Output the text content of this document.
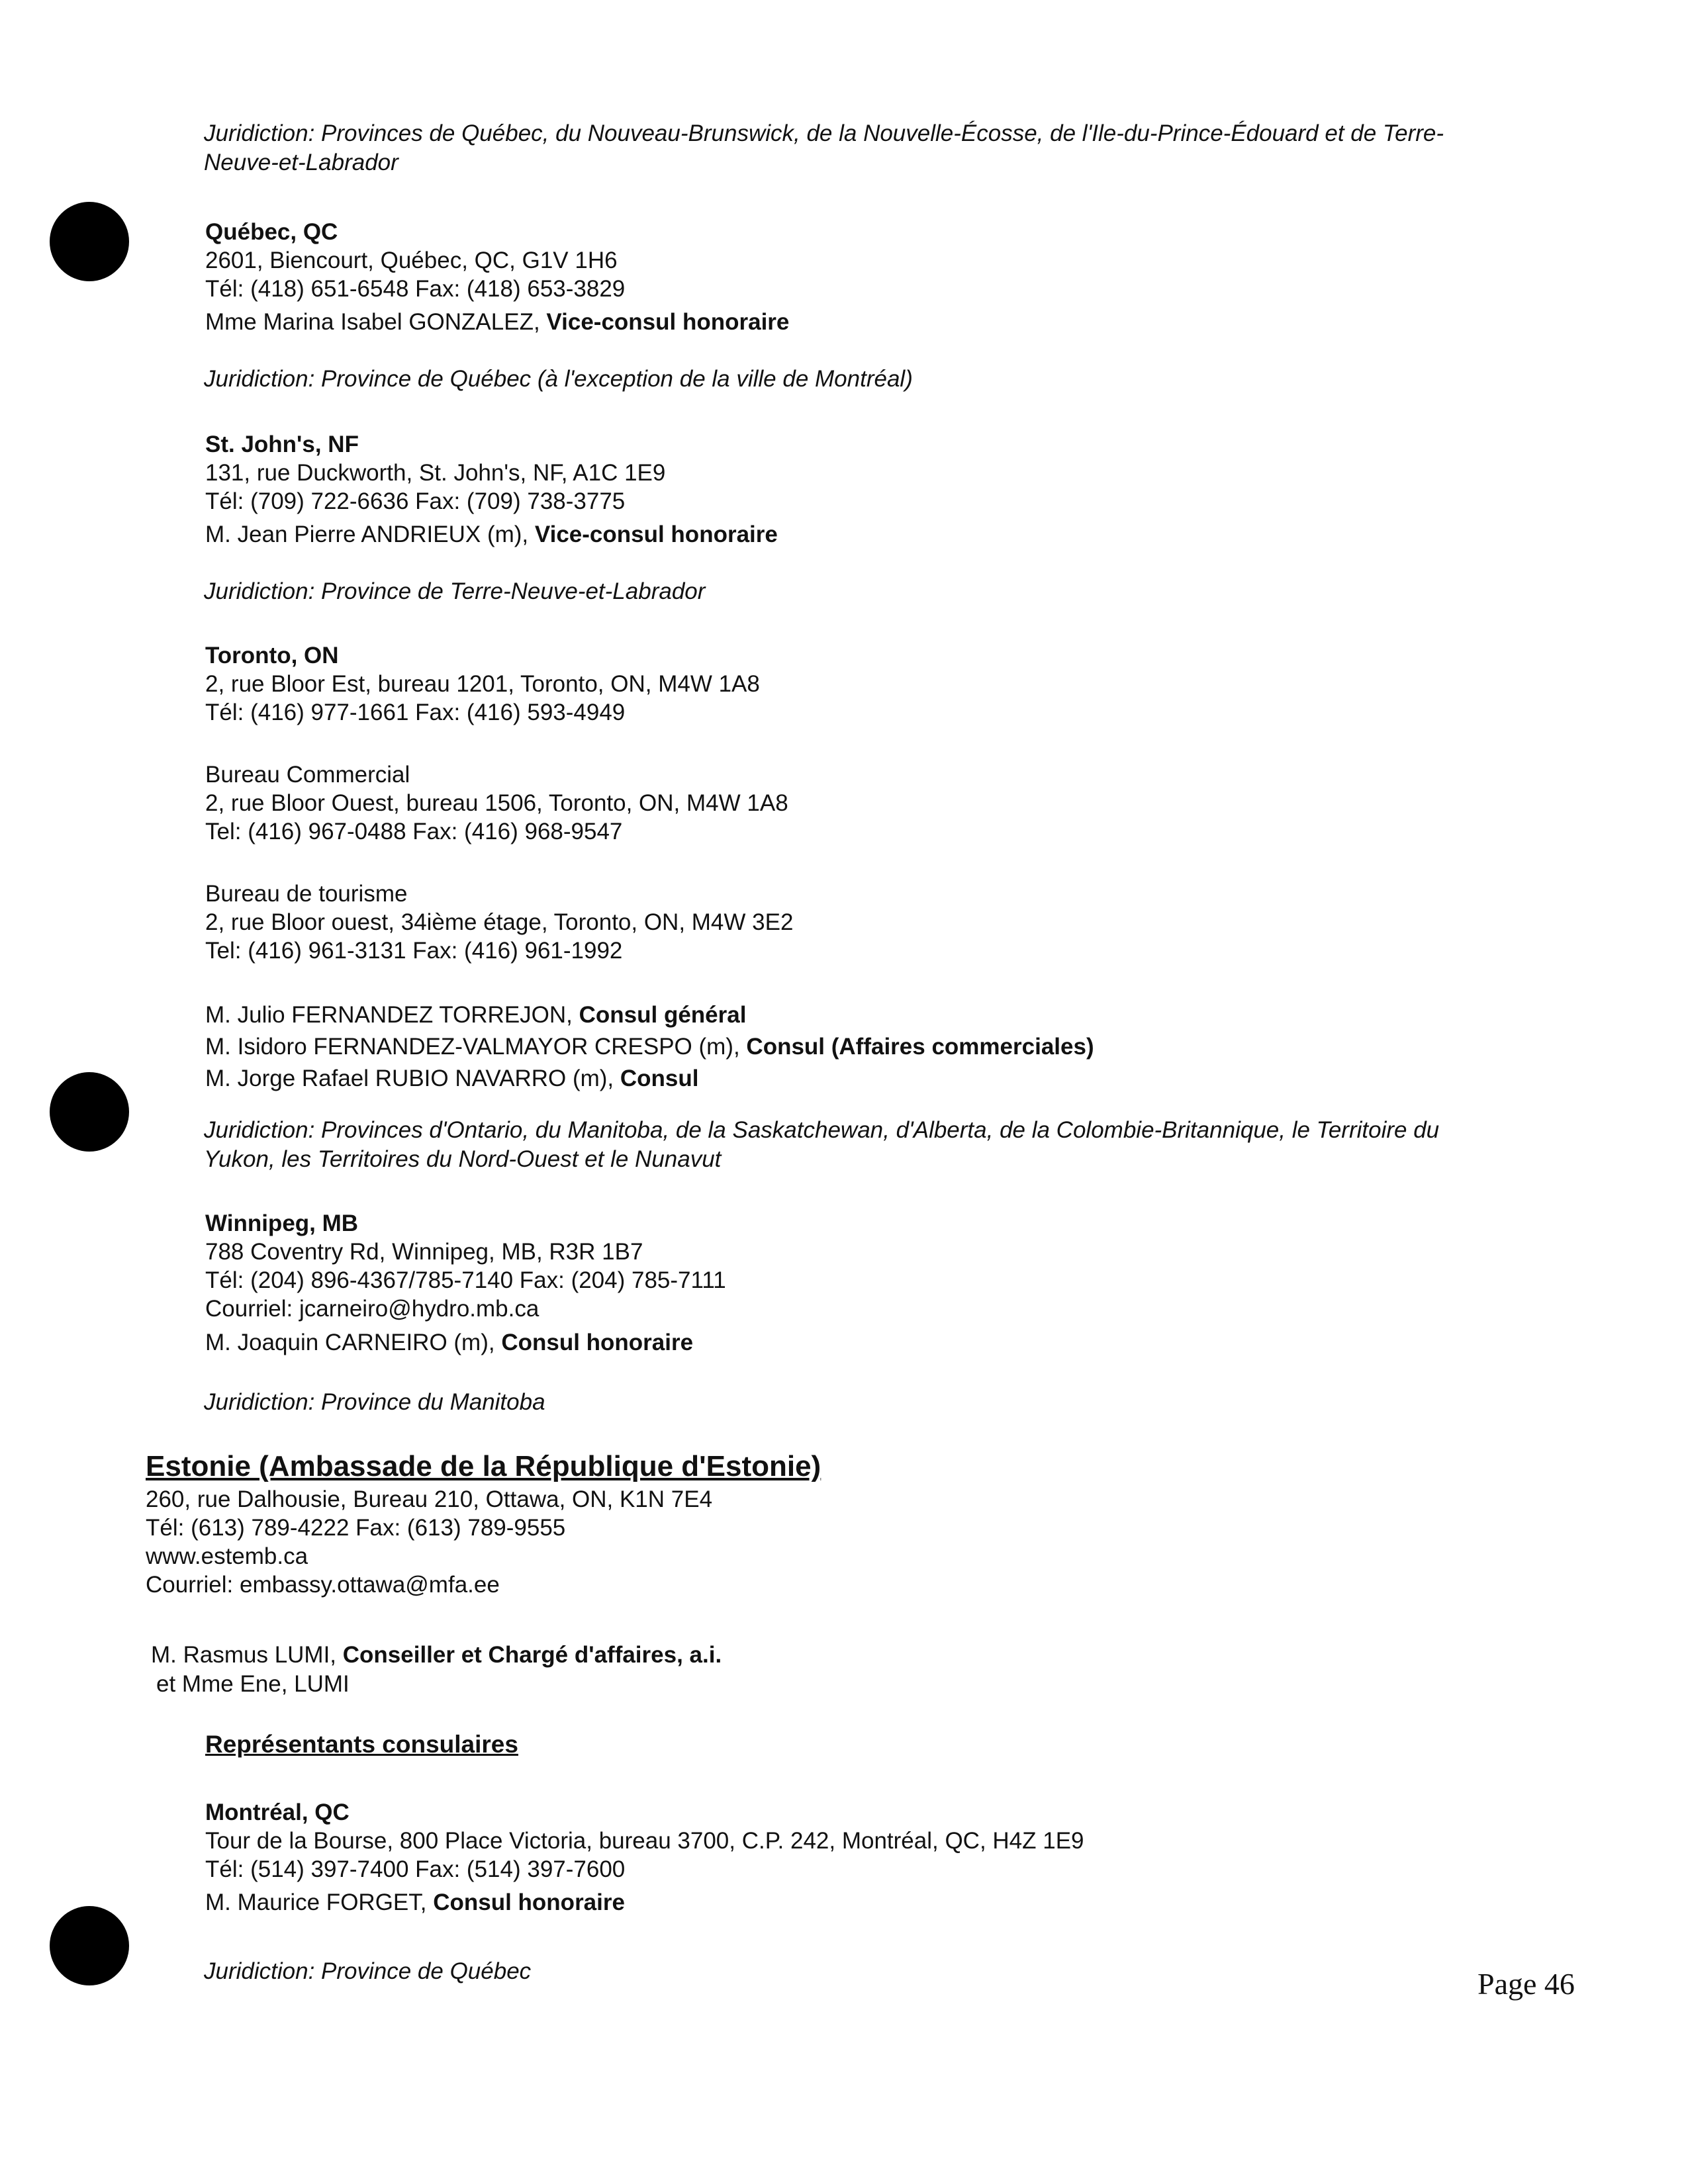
Juridiction: Provinces de Québec, du Nouveau-Brunswick, de la Nouvelle-Écosse, de l'Ile-du-Prince-Édouard et de Terre-
Neuve-et-Labrador
Québec, QC
2601, Biencourt, Québec, QC, G1V 1H6
Tél: (418) 651-6548 Fax: (418) 653-3829
Mme Marina Isabel GONZALEZ, Vice-consul honoraire
Juridiction: Province de Québec (à l'exception de la ville de Montréal)
St. John's, NF
131, rue Duckworth, St. John's, NF, A1C 1E9
Tél: (709) 722-6636 Fax: (709) 738-3775
M. Jean Pierre ANDRIEUX (m), Vice-consul honoraire
Juridiction: Province de Terre-Neuve-et-Labrador
Toronto, ON
2, rue Bloor Est, bureau 1201, Toronto, ON, M4W 1A8
Tél: (416) 977-1661 Fax: (416) 593-4949
Bureau Commercial
2, rue Bloor Ouest, bureau 1506, Toronto, ON, M4W 1A8
Tel: (416) 967-0488 Fax: (416) 968-9547
Bureau de tourisme
2, rue Bloor ouest, 34ième étage, Toronto, ON, M4W 3E2
Tel: (416) 961-3131 Fax: (416) 961-1992
M. Julio FERNANDEZ TORREJON, Consul général
M. Isidoro FERNANDEZ-VALMAYOR CRESPO (m), Consul (Affaires commerciales)
M. Jorge Rafael RUBIO NAVARRO (m), Consul
Juridiction: Provinces d'Ontario, du Manitoba, de la Saskatchewan, d'Alberta, de la Colombie-Britannique, le Territoire du
Yukon, les Territoires du Nord-Ouest et le Nunavut
Winnipeg, MB
788 Coventry Rd, Winnipeg, MB, R3R 1B7
Tél: (204) 896-4367/785-7140 Fax: (204) 785-7111
Courriel: jcarneiro@hydro.mb.ca
M. Joaquin CARNEIRO (m), Consul honoraire
Juridiction: Province du Manitoba
Estonie (Ambassade de la République d'Estonie)
260, rue Dalhousie, Bureau 210, Ottawa, ON, K1N 7E4
Tél: (613) 789-4222 Fax: (613) 789-9555
www.estemb.ca
Courriel: embassy.ottawa@mfa.ee
M. Rasmus LUMI, Conseiller et Chargé d'affaires, a.i.
et Mme Ene, LUMI
Représentants consulaires
Montréal, QC
Tour de la Bourse, 800 Place Victoria, bureau 3700, C.P. 242, Montréal, QC, H4Z 1E9
Tél: (514) 397-7400 Fax: (514) 397-7600
M. Maurice FORGET, Consul honoraire
Juridiction: Province de Québec	Page 46
